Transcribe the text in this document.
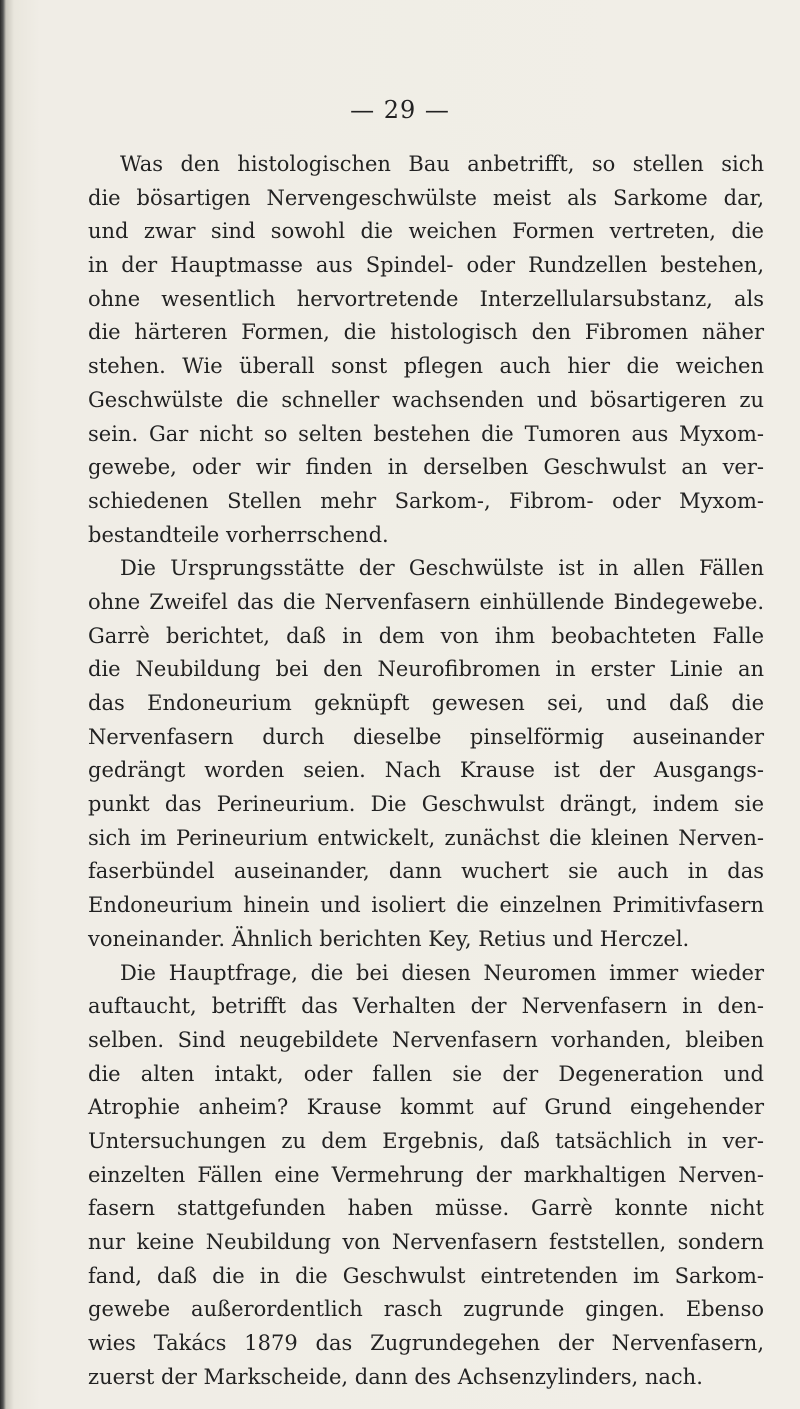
— 29 —
Was den histologischen Bau anbetrifft, so stellen sich
die bösartigen Nervengeschwülste meist als Sarkome dar,
und zwar sind sowohl die weichen Formen vertreten, die
in der Hauptmasse aus Spindel- oder Rundzellen bestehen,
ohne wesentlich hervortretende Interzellularsubstanz, als
die härteren Formen, die histologisch den Fibromen näher
stehen. Wie überall sonst pflegen auch hier die weichen
Geschwülste die schneller wachsenden und bösartigeren zu
sein. Gar nicht so selten bestehen die Tumoren aus Myxom-
gewebe, oder wir finden in derselben Geschwulst an ver-
schiedenen Stellen mehr Sarkom-, Fibrom- oder Myxom-
bestandteile vorherrschend.
Die Ursprungsstätte der Geschwülste ist in allen Fällen
ohne Zweifel das die Nervenfasern einhüllende Bindegewebe.
Garrè berichtet, daß in dem von ihm beobachteten Falle
die Neubildung bei den Neurofibromen in erster Linie an
das Endoneurium geknüpft gewesen sei, und daß die
Nervenfasern durch dieselbe pinselförmig auseinander
gedrängt worden seien. Nach Krause ist der Ausgangs-
punkt das Perineurium. Die Geschwulst drängt, indem sie
sich im Perineurium entwickelt, zunächst die kleinen Nerven-
faserbündel auseinander, dann wuchert sie auch in das
Endoneurium hinein und isoliert die einzelnen Primitivfasern
voneinander. Ähnlich berichten Key, Retius und Herczel.
Die Hauptfrage, die bei diesen Neuromen immer wieder
auftaucht, betrifft das Verhalten der Nervenfasern in den-
selben. Sind neugebildete Nervenfasern vorhanden, bleiben
die alten intakt, oder fallen sie der Degeneration und
Atrophie anheim? Krause kommt auf Grund eingehender
Untersuchungen zu dem Ergebnis, daß tatsächlich in ver-
einzelten Fällen eine Vermehrung der markhaltigen Nerven-
fasern stattgefunden haben müsse. Garrè konnte nicht
nur keine Neubildung von Nervenfasern feststellen, sondern
fand, daß die in die Geschwulst eintretenden im Sarkom-
gewebe außerordentlich rasch zugrunde gingen. Ebenso
wies Takács 1879 das Zugrundegehen der Nervenfasern,
zuerst der Markscheide, dann des Achsenzylinders, nach.
